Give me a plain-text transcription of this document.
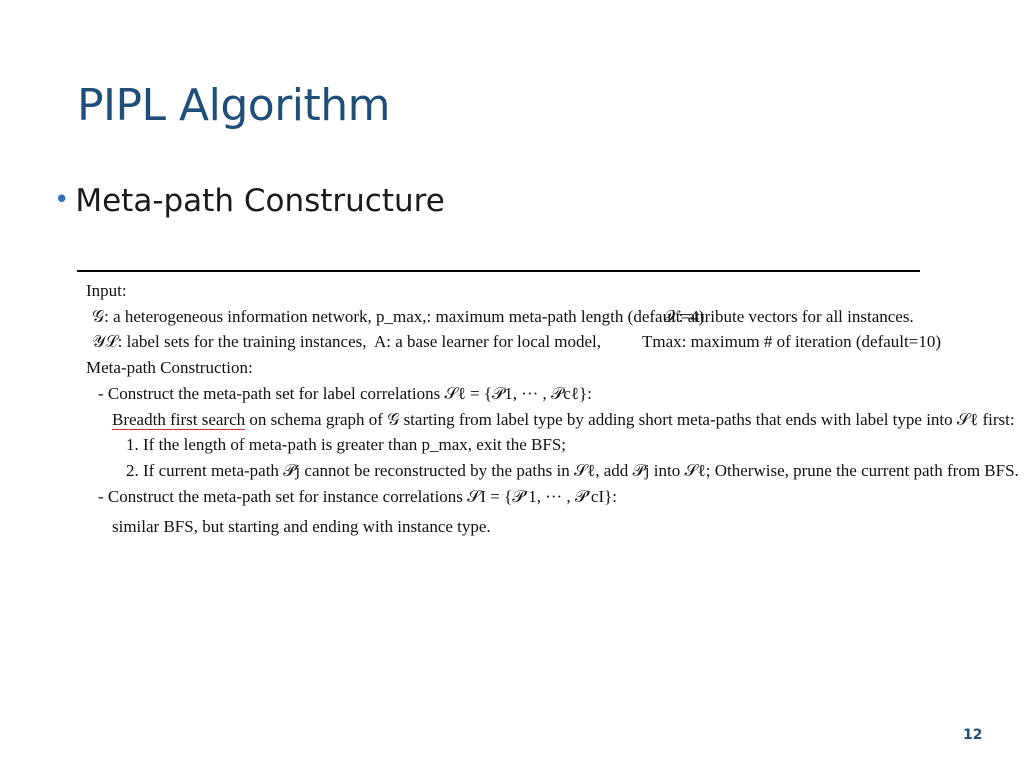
PIPL Algorithm
• Meta-path Constructure
Input:
𝒢: a heterogeneous information network, p_max,: maximum meta-path length (default=4)
𝒳: attribute vectors for all instances.
𝒴ℒ: label sets for the training instances, A: a base learner for local model, Tmax: maximum # of iteration (default=10)
Meta-path Construction:
- Construct the meta-path set for label correlations 𝒮ℓ = {𝒫1, ··· , 𝒫cℓ}:
Breadth first search on schema graph of 𝒢 starting from label type by adding short meta-paths that ends with label type into 𝒮ℓ first:
1. If the length of meta-path is greater than p_max, exit the BFS;
2. If current meta-path 𝒫j cannot be reconstructed by the paths in 𝒮ℓ, add 𝒫j into 𝒮ℓ; Otherwise, prune the current path from BFS.
- Construct the meta-path set for instance correlations 𝒮I = {𝒫′1, ··· , 𝒫′cI}:
similar BFS, but starting and ending with instance type.
12
